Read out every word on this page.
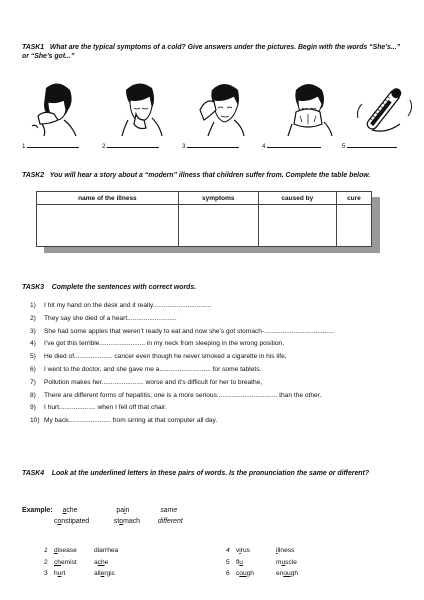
TASK1 What are the typical symptoms of a cold? Give answers under the pictures. Begin with the words “She’s...” or “She’s got...”
1	2	3	4	5
TASK2 You will hear a story about a “modern” illness that children suffer from. Complete the table below.
name of the illness	symptoms	caused by	cure

TASK3 Complete the sentences with correct words.
1) I hit my hand on the desk and it really................................
2) They say she died of a heart...........................
3) She had some apples that weren’t ready to eat and now she’s got stomach-......................................
4) I’ve got this terrible......................... in my neck from sleeping in the wrong position,
5) He died of..................... cancer even though he never smoked a cigarette in his life,
6) I went to the doctor, and she gave me a............................ for some tablets.
7) Pollution makes her....................... worse and it’s difficult for her to breathe,
8) There are different forms of hepatitis; one is a more serious................................. than the other.
9) I hurt.................... when I fell off that chair.
10) My back....................... from sirring at that computer all day.
TASK4 Look at the underlined letters in these pairs of words. Is the pronunciation the same or different?
Example: ache	pain	same
constipated	stomach	different
1 disease	diarrhea
2 chemist	ache
3 hurt	allergic
4 virus	illness
5 flu	muscle
6 cough	enough
